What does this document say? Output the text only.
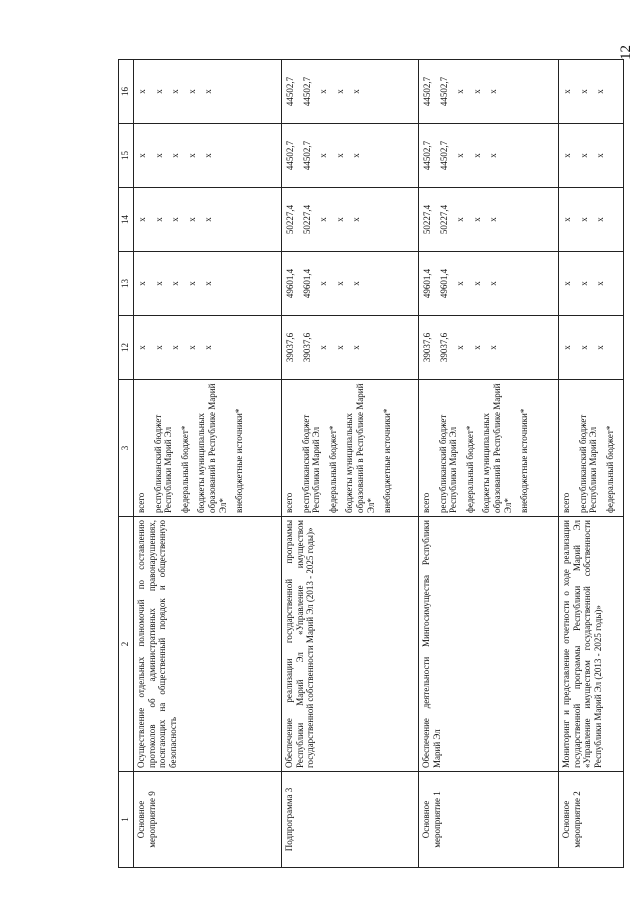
12
1	2	3	12	13	14	15	16
Основное мероприятие 9	Осуществление отдельных полномочий по составлению протоколов об административных правонарушениях, посягающих на общественный порядок и общественную безопасность	всего республиканский бюджет Республики Марий Эл федеральный бюджет* бюджеты муниципальных образований в Республике Марий Эл* внебюджетные источники*	х х х х х	х х х х х	х х х х х	х х х х х	х х х х х

Подпрограмма 3	Обеспечение реализации государственной программы Республики Марий Эл «Управление имуществом государственной собственности Марий Эл (2013 - 2025 годы)»	всего республиканский бюджет Республики Марий Эл федеральный бюджет* бюджеты муниципальных образований в Республике Марий Эл* внебюджетные источники*	39037,6 39037,6 х х х	49601,4 49601,4 х х х	50227,4 50227,4 х х х	44502,7 44502,7 х х х	44502,7 44502,7 х х х

Основное мероприятие 1	Обеспечение деятельности Мингосимущества Республики Марий Эл	всего республиканский бюджет Республики Марий Эл федеральный бюджет* бюджеты муниципальных образований в Республике Марий Эл* внебюджетные источники*	39037,6 39037,6 х х х	49601,4 49601,4 х х х	50227,4 50227,4 х х х	44502,7 44502,7 х х х	44502,7 44502,7 х х х

Основное мероприятие 2	Мониторинг и представление отчетности о ходе реализации государственной программы Республики Марий Эл «Управление имуществом государственной собственности Республики Марий Эл (2013 - 2025 годы)»	всего республиканский бюджет Республики Марий Эл федеральный бюджет*	х х х	х х х	х х х	х х х	х х х
